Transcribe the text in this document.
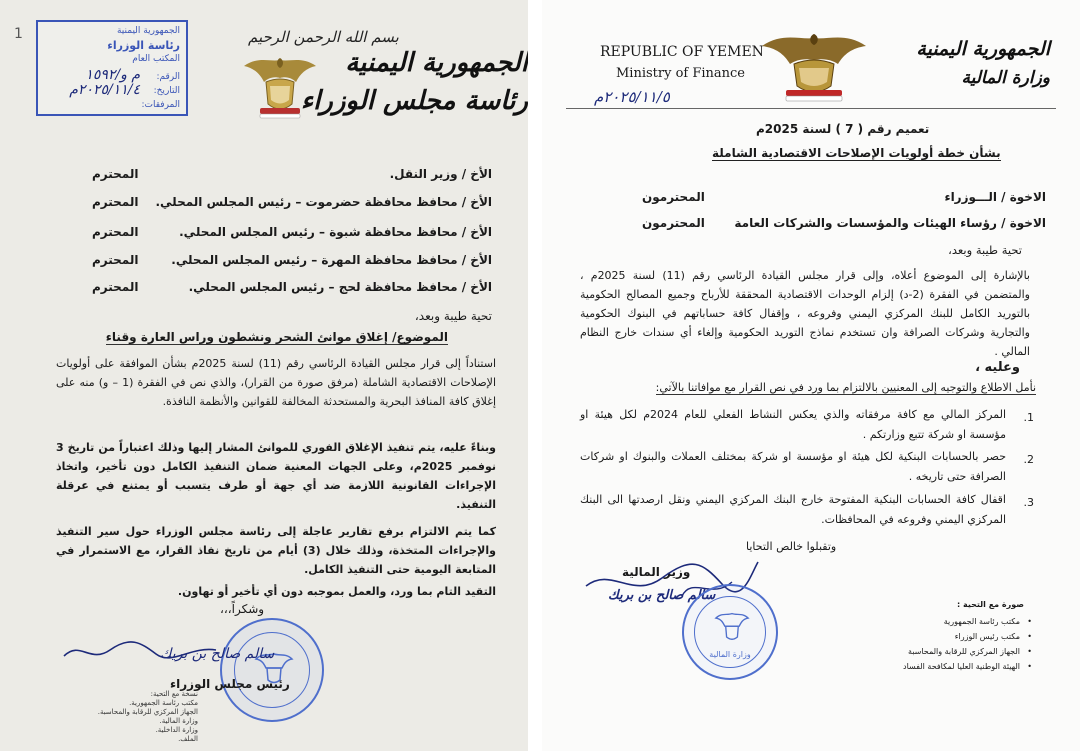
1	الجمهورية اليمنية
رئاسة الوزراء
المكتب العام
الرقم:
م و/١٥٩٢
التاريخ:
٢٠٢٥/١١/٤م
المرفقات:
بسم الله الرحمن الرحيم
الجمهورية اليمنية
رئاسة مجلس الوزراء
الأخ / وزير النقل.
المحترم
الأخ / محافظ محافظة حضرموت – رئيس المجلس المحلي.
المحترم
الأخ / محافظ محافظة شبوة – رئيس المجلس المحلي.
المحترم
الأخ / محافظ محافظة المهرة – رئيس المجلس المحلي.
المحترم
الأخ / محافظ محافظة لحج – رئيس المجلس المحلي.
المحترم
تحية طيبة وبعد،
الموضوع/ إغلاق موانئ الشحر ونشطون وراس العارة وقناء
استناداً إلى قرار مجلس القيادة الرئاسي رقم (11) لسنة 2025م بشأن الموافقة على أولويات الإصلاحات الاقتصادية الشاملة (مرفق صورة من القرار)، والذي نص في الفقرة (1 – و) منه على إغلاق كافة المنافذ البحرية والمستحدثة المخالفة للقوانين والأنظمة النافذة.
وبناءً عليه، يتم تنفيذ الإغلاق الفوري للموانئ المشار إليها وذلك اعتباراً من تاريخ 3 نوفمبر 2025م، وعلى الجهات المعنية ضمان التنفيذ الكامل دون تأخير، واتخاذ الإجراءات القانونية اللازمة ضد أي جهة أو طرف يتسبب أو يمتنع في عرقلة التنفيذ.
كما يتم الالتزام برفع تقارير عاجلة إلى رئاسة مجلس الوزراء حول سير التنفيذ والإجراءات المتخذة، وذلك خلال (3) أيام من تاريخ نفاذ القرار، مع الاستمرار في المتابعة اليومية حتى التنفيذ الكامل.
التقيد التام بما ورد، والعمل بموجبه دون أي تأخير أو تهاون.
وشكراً،،،
سالم صالح بن بريك
رئيس مجلس الوزراء
نسخة مع التحية:
مكتب رئاسة الجمهورية.
الجهاز المركزي للرقابة والمحاسبة.
وزارة المالية.
وزارة الداخلية.
الملف.
REPUBLIC OF YEMEN
Ministry of Finance
الجمهورية اليمنية
وزارة المالية
٢٠٢٥/١١/٥م
تعميم رقم ( 7 ) لسنة 2025م
بشأن خطة أولويات الإصلاحات الاقتصادية الشاملة
الاخوة / الـــوزراء
المحترمون
الاخوة / رؤساء الهيئات والمؤسسات والشركات العامة
المحترمون
تحية طيبة وبعد،
بالإشارة إلى الموضوع أعلاه، وإلى قرار مجلس القيادة الرئاسي رقم (11) لسنة 2025م ، والمتضمن في الفقرة (2-د) إلزام الوحدات الاقتصادية المحققة للأرباح وجميع المصالح الحكومية بالتوريد الكامل للبنك المركزي اليمني وفروعه ، وإقفال كافة حساباتهم في البنوك الحكومية والتجارية وشركات الصرافة وان تستخدم نماذج التوريد الحكومية وإلغاء أي سندات خارج النظام المالي .
وعليه ،
نأمل الاطلاع والتوجيه إلى المعنيين بالالتزام بما ورد في نص القرار مع موافاتنا بالآتي:
1.
المركز المالي مع كافة مرفقاته والذي يعكس النشاط الفعلي للعام 2024م لكل هيئة او مؤسسة او شركة تتبع وزارتكم .
2.
حصر بالحسابات البنكية لكل هيئة او مؤسسة او شركة بمختلف العملات والبنوك او شركات الصرافة حتى تاريخه .
3.
اقفال كافة الحسابات البنكية المفتوحة خارج البنك المركزي اليمني ونقل ارصدتها الى البنك المركزي اليمني وفروعه في المحافظات.
وتقبلوا خالص التحايا
وزير المالية
سالم صالح بن بريك
وزارة المالية
صورة مع التحية :
مكتب رئاسة الجمهورية
مكتب رئيس الوزراء
الجهاز المركزي للرقابة والمحاسبة
الهيئة الوطنية العليا لمكافحة الفساد
•
•
•
•
